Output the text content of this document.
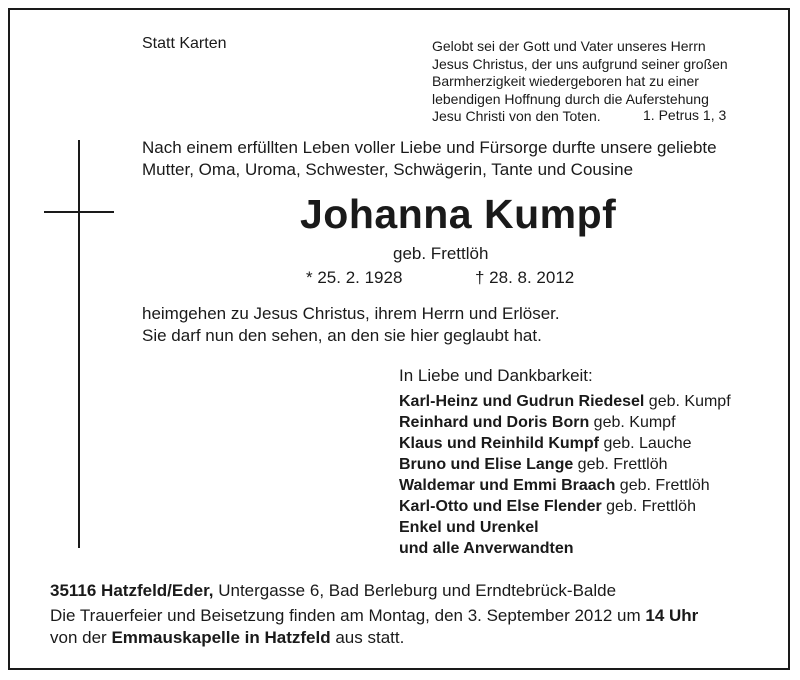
Statt Karten	Gelobt sei der Gott und Vater unseres Herrn
Jesus Christus, der uns aufgrund seiner großen
Barmherzigkeit wiedergeboren hat zu einer
lebendigen Hoffnung durch die Auferstehung
Jesu Christi von den Toten.	1. Petrus 1, 3
Nach einem erfüllten Leben voller Liebe und Fürsorge durfte unsere geliebte
Mutter, Oma, Uroma, Schwester, Schwägerin, Tante und Cousine
Johanna Kumpf
geb. Frettlöh
* 25. 2. 1928	† 28. 8. 2012
heimgehen zu Jesus Christus, ihrem Herrn und Erlöser.
Sie darf nun den sehen, an den sie hier geglaubt hat.
In Liebe und Dankbarkeit:
Karl-Heinz und Gudrun Riedesel geb. Kumpf
Reinhard und Doris Born geb. Kumpf
Klaus und Reinhild Kumpf geb. Lauche
Bruno und Elise Lange geb. Frettlöh
Waldemar und Emmi Braach geb. Frettlöh
Karl-Otto und Else Flender geb. Frettlöh
Enkel und Urenkel
und alle Anverwandten
35116 Hatzfeld/Eder, Untergasse 6, Bad Berleburg und Erndtebrück-Balde
Die Trauerfeier und Beisetzung finden am Montag, den 3. September 2012 um 14 Uhr
von der Emmauskapelle in Hatzfeld aus statt.
